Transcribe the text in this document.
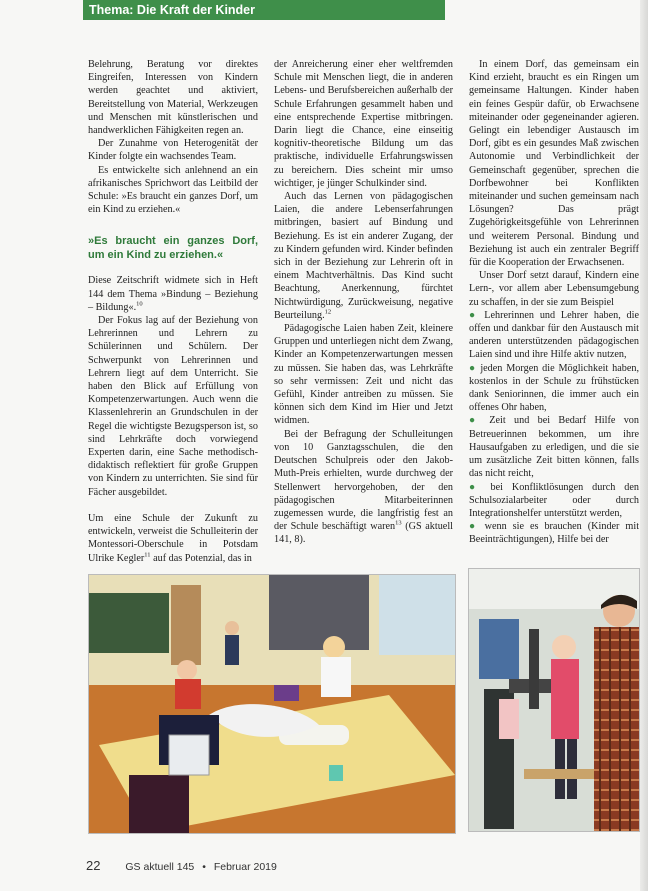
Thema: Die Kraft der Kinder

Belehrung, Beratung vor direktes Eingreifen, Interessen von Kindern werden geachtet und aktiviert, Bereitstellung von Material, Werkzeugen und Menschen mit künstlerischen und handwerklichen Fähigkeiten regen an.

Der Zunahme von Heterogenität der Kinder folgte ein wachsendes Team.

Es entwickelte sich anlehnend an ein afrikanisches Sprichwort das Leitbild der Schule: »Es braucht ein ganzes Dorf, um ein Kind zu erziehen.«

»Es braucht ein ganzes Dorf, um ein Kind zu erziehen.«

Diese Zeitschrift widmete sich in Heft 144 dem Thema »Bindung – Beziehung – Bildung«.$^{10}$

Der Fokus lag auf der Beziehung von Lehrerinnen und Lehrern zu Schülerinnen und Schülern. Der Schwerpunkt von Lehrerinnen und Lehrern liegt auf dem Unterricht. Sie haben den Blick auf Erfüllung von Kompetenzerwartungen. Auch wenn die Klassenlehrerin an Grundschulen in der Regel die wichtigste Bezugsperson ist, so sind Lehrkräfte doch vorwiegend Experten darin, eine Sache methodisch-didaktisch reflektiert für große Gruppen von Kindern zu unterrichten. Sie sind für Fächer ausgebildet.

Um eine Schule der Zukunft zu entwickeln, verweist die Schulleiterin der Montessori-Oberschule in Potsdam Ulrike Kegler$^{11}$ auf das Potenzial, das in

der Anreicherung einer eher weltfremden Schule mit Menschen liegt, die in anderen Lebens- und Berufsbereichen außerhalb der Schule Erfahrungen gesammelt haben und eine entsprechende Expertise mitbringen. Darin liegt die Chance, eine einseitig kognitiv-theoretische Bildung um das praktische, individuelle Erfahrungswissen zu bereichern. Dies scheint mir umso wichtiger, je jünger Schulkinder sind.

Auch das Lernen von pädagogischen Laien, die andere Lebenserfahrungen mitbringen, basiert auf Bindung und Beziehung. Es ist ein anderer Zugang, der zu Kindern gefunden wird. Kinder befinden sich in der Beziehung zur Lehrerin oft in einem Machtverhältnis. Das Kind sucht Beachtung, Anerkennung, fürchtet Nichtwürdigung, Zurückweisung, negative Beurteilung.$^{12}$

Pädagogische Laien haben Zeit, kleinere Gruppen und unterliegen nicht dem Zwang, Kinder an Kompetenzerwartungen messen zu müssen. Sie haben das, was Lehrkräfte so sehr vermissen: Zeit und nicht das Gefühl, Kinder antreiben zu müssen. Sie können sich dem Kind im Hier und Jetzt widmen.

Bei der Befragung der Schulleitungen von 10 Ganztagsschulen, die den Deutschen Schulpreis oder den Jakob-Muth-Preis erhielten, wurde durchweg der Stellenwert hervorgehoben, der den pädagogischen Mitarbeiterinnen zugemessen wurde, die langfristig fest an der Schule beschäftigt waren$^{13}$ (GS aktuell 141, 8).

In einem Dorf, das gemeinsam ein Kind erzieht, braucht es ein Ringen um gemeinsame Haltungen. Kinder haben ein feines Gespür dafür, ob Erwachsene miteinander oder gegeneinander agieren. Gelingt ein lebendiger Austausch im Dorf, gibt es ein gesundes Maß zwischen Autonomie und Verbindlichkeit der Gemeinschaft gegenüber, sprechen die Dorfbewohner bei Konflikten miteinander und suchen gemeinsam nach Lösungen? Das prägt Zugehörigkeitsgefühle von Lehrerinnen und weiterem Personal. Bindung und Beziehung ist auch ein zentraler Begriff für die Kooperation der Erwachsenen.

Unser Dorf setzt darauf, Kindern eine Lern-, vor allem aber Lebensumgebung zu schaffen, in der sie zum Beispiel

● Lehrerinnen und Lehrer haben, die offen und dankbar für den Austausch mit anderen unterstützenden pädagogischen Laien sind und ihre Hilfe aktiv nutzen,

● jeden Morgen die Möglichkeit haben, kostenlos in der Schule zu frühstücken dank Seniorinnen, die immer auch ein offenes Ohr haben,

● Zeit und bei Bedarf Hilfe von Betreuerinnen bekommen, um ihre Hausaufgaben zu erledigen, und die sie um zusätzliche Zeit bitten können, falls das nicht reicht,

● bei Konfliktlösungen durch den Schulsozialarbeiter oder durch Integrationshelfer unterstützt werden,

● wenn sie es brauchen (Kinder mit Beeinträchtigungen), Hilfe bei der

22 GS aktuell 145 • Februar 2019
